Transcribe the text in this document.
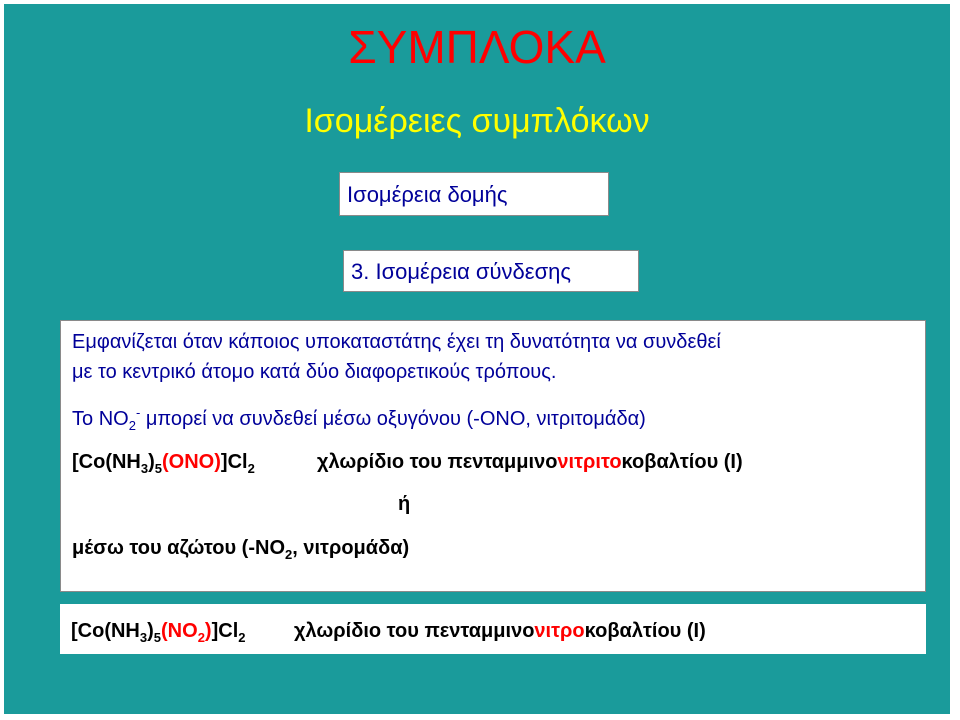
ΣΥΜΠΛΟΚΑ
Ισομέρειες συμπλόκων
Ισομέρεια δομής
3. Ισομέρεια σύνδεσης
Εμφανίζεται όταν κάποιος υποκαταστάτης έχει τη δυνατότητα να συνδεθεί
με το κεντρικό άτομο κατά δύο διαφορετικούς τρόπους.
Το $NO_2^-$ μπορεί να συνδεθεί μέσω οξυγόνου (-ONO, νιτριτομάδα)
$[Co(NH_3)_5(ONO)]Cl_2$	χλωρίδιο του πενταμμινονιτριτοκοβαλτίου (Ι)
ή
μέσω του αζώτου ($-NO_2$, νιτρομάδα)
$[Co(NH_3)_5(NO_2)]Cl_2$ χλωρίδιο του πενταμμινονιτροκοβαλτίου (Ι)
